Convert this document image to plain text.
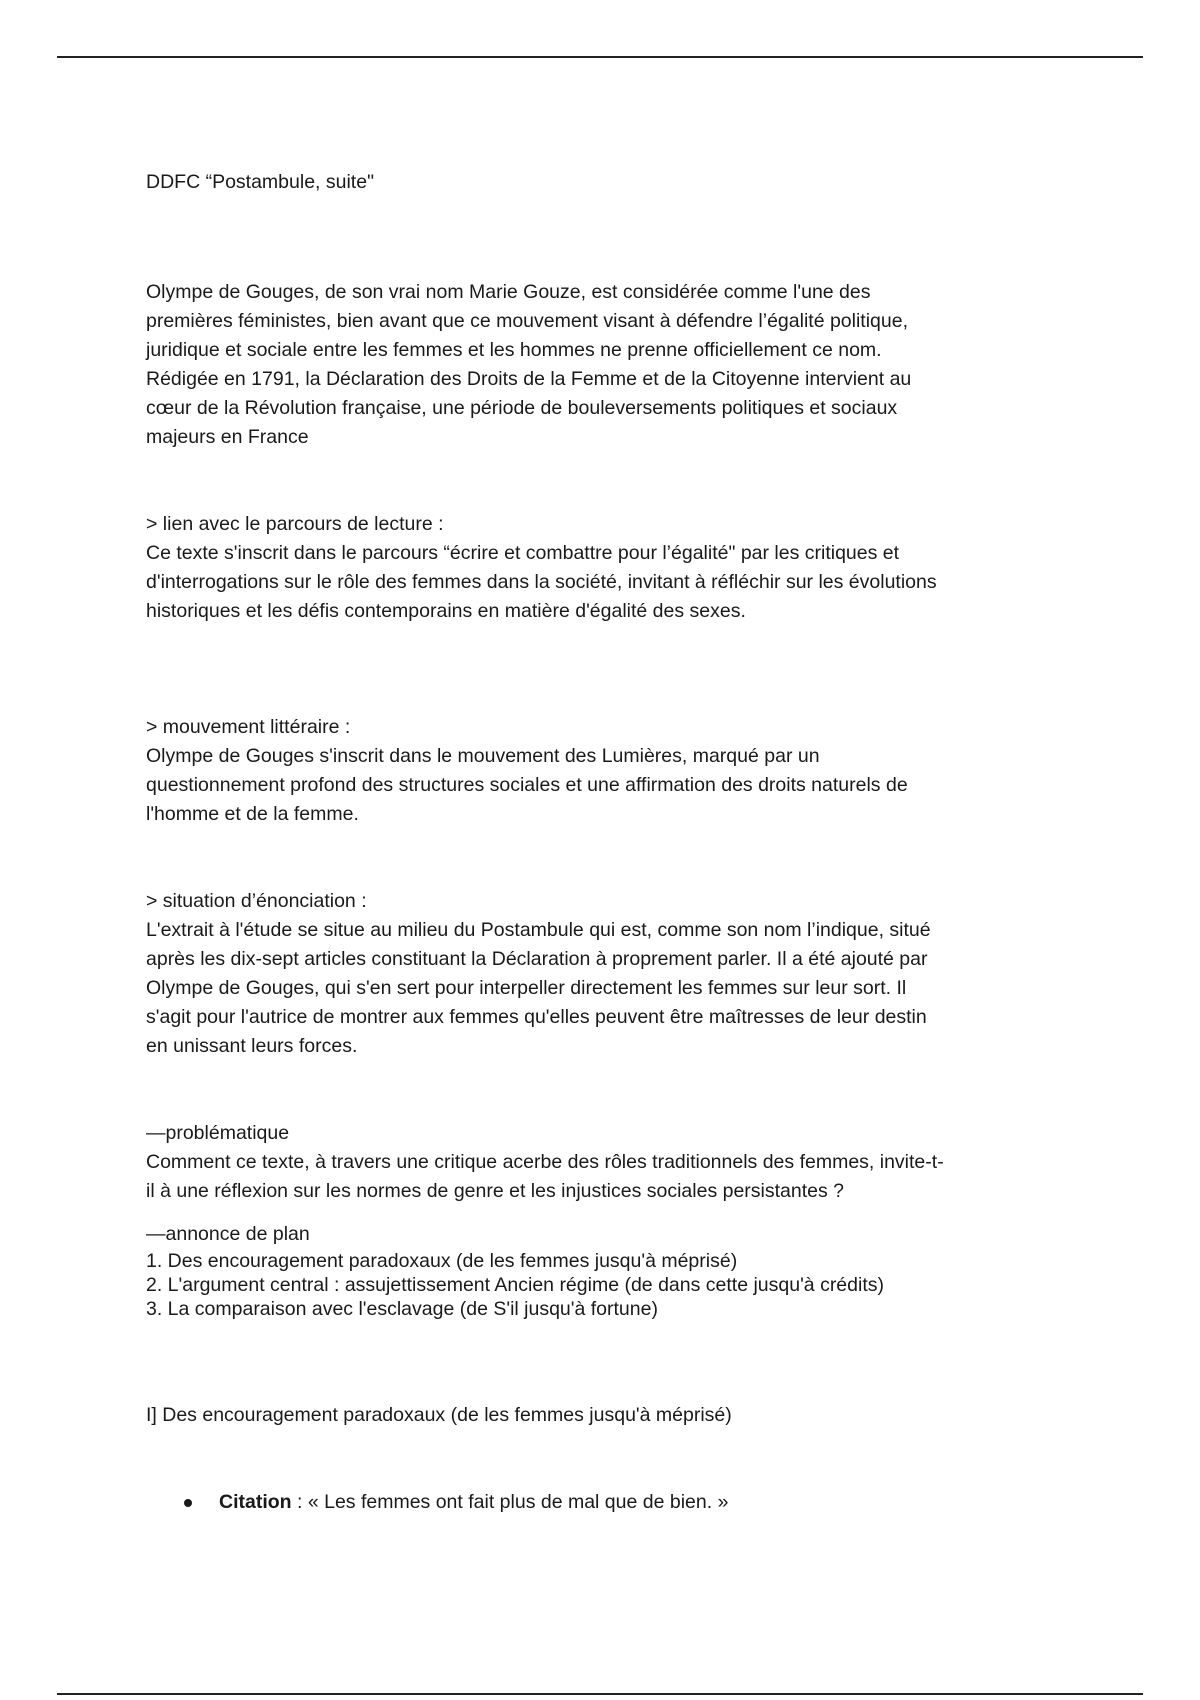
DDFC “Postambule, suite"

Olympe de Gouges, de son vrai nom Marie Gouze, est considérée comme l'une des

premières féministes, bien avant que ce mouvement visant à défendre l’égalité politique,

juridique et sociale entre les femmes et les hommes ne prenne officiellement ce nom.

Rédigée en 1791, la Déclaration des Droits de la Femme et de la Citoyenne intervient au

cœur de la Révolution française, une période de bouleversements politiques et sociaux

majeurs en France

> lien avec le parcours de lecture :

Ce texte s'inscrit dans le parcours “écrire et combattre pour l’égalité" par les critiques et

d'interrogations sur le rôle des femmes dans la société, invitant à réfléchir sur les évolutions

historiques et les défis contemporains en matière d'égalité des sexes.

> mouvement littéraire :

Olympe de Gouges s'inscrit dans le mouvement des Lumières, marqué par un

questionnement profond des structures sociales et une affirmation des droits naturels de

l'homme et de la femme.

> situation d’énonciation :

L'extrait à l'étude se situe au milieu du Postambule qui est, comme son nom l’indique, situé

après les dix-sept articles constituant la Déclaration à proprement parler. Il a été ajouté par

Olympe de Gouges, qui s'en sert pour interpeller directement les femmes sur leur sort. Il

s'agit pour l'autrice de montrer aux femmes qu'elles peuvent être maîtresses de leur destin

en unissant leurs forces.

—problématique

Comment ce texte, à travers une critique acerbe des rôles traditionnels des femmes, invite-t-

il à une réflexion sur les normes de genre et les injustices sociales persistantes ?

—annonce de plan

1. Des encouragement paradoxaux (de les femmes jusqu'à méprisé)
2. L'argument central : assujettissement Ancien régime (de dans cette jusqu'à crédits)
3. La comparaison avec l'esclavage (de S'il jusqu'à fortune)

I] Des encouragement paradoxaux (de les femmes jusqu'à méprisé)

Citation : « Les femmes ont fait plus de mal que de bien. »
